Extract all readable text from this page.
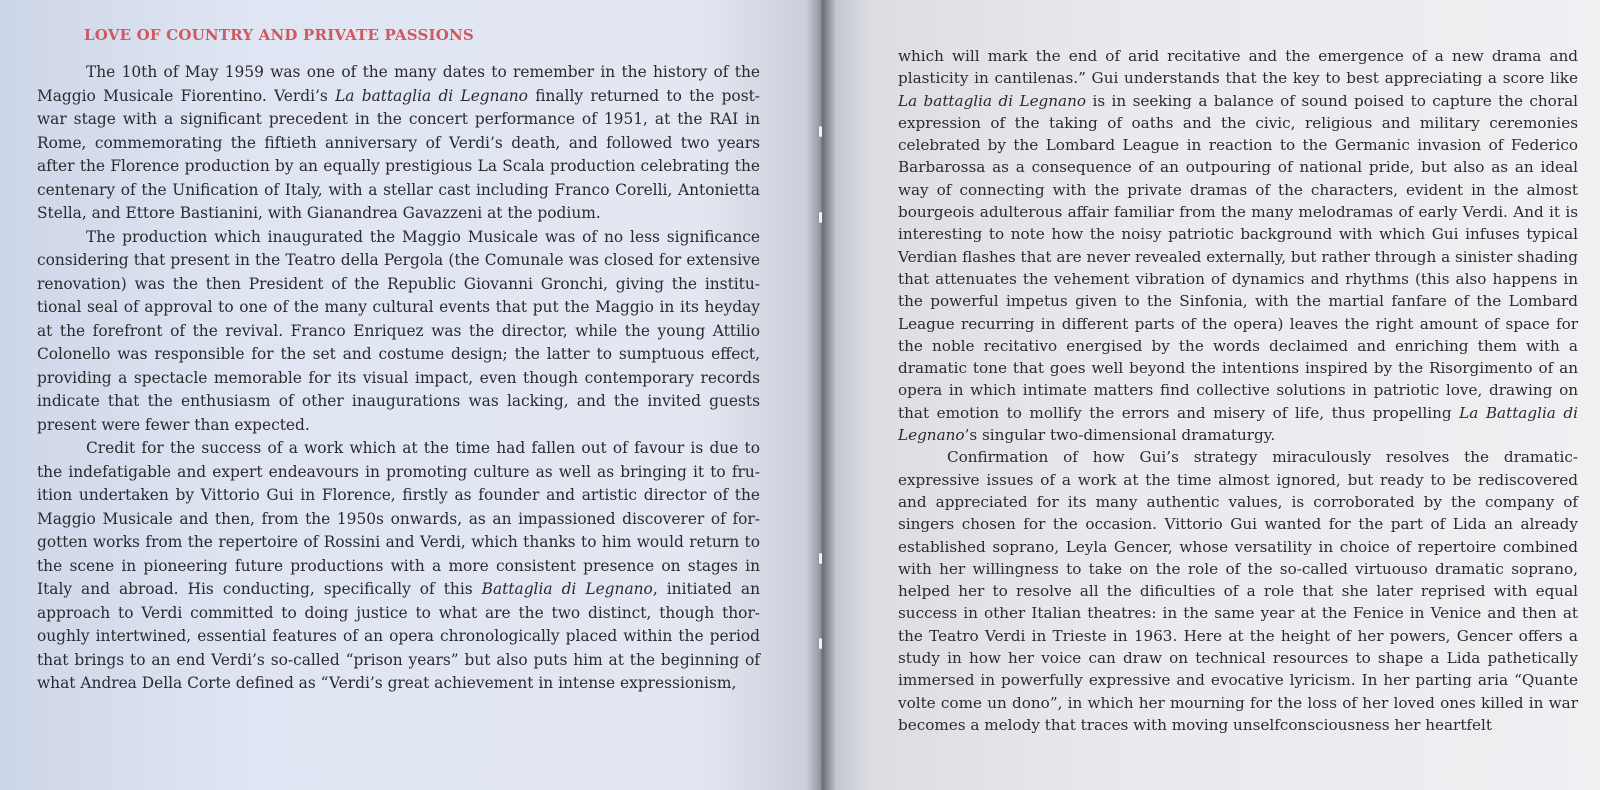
LOVE OF COUNTRY AND PRIVATE PASSIONS

The 10th of May 1959 was one of the many dates to remember in the history of the Maggio Musicale Fiorentino. Verdi’s La battaglia di Legnano finally returned to the post-war stage with a significant precedent in the concert performance of 1951, at the RAI in Rome, commemorating the fiftieth anniversary of Verdi’s death, and followed two years after the Florence production by an equally prestigious La Scala production celebrating the centenary of the Unification of Italy, with a stellar cast including Franco Corelli, Antonietta Stella, and Ettore Bastianini, with Gianandrea Gavazzeni at the podium.

The production which inaugurated the Maggio Musicale was of no less significance considering that present in the Teatro della Pergola (the Comunale was closed for extensive renovation) was the then President of the Republic Giovanni Gronchi, giving the institutional seal of approval to one of the many cultural events that put the Maggio in its heyday at the forefront of the revival. Franco Enriquez was the director, while the young Attilio Colonello was responsible for the set and costume design; the latter to sumptuous effect, providing a spectacle memorable for its visual impact, even though contemporary records indicate that the enthusiasm of other inaugurations was lacking, and the invited guests present were fewer than expected.

Credit for the success of a work which at the time had fallen out of favour is due to the indefatigable and expert endeavours in promoting culture as well as bringing it to fruition undertaken by Vittorio Gui in Florence, firstly as founder and artistic director of the Maggio Musicale and then, from the 1950s onwards, as an impassioned discoverer of forgotten works from the repertoire of Rossini and Verdi, which thanks to him would return to the scene in pioneering future productions with a more consistent presence on stages in Italy and abroad. His conducting, specifically of this Battaglia di Legnano, initiated an approach to Verdi committed to doing justice to what are the two distinct, though thoroughly intertwined, essential features of an opera chronologically placed within the period that brings to an end Verdi’s so-called “prison years” but also puts him at the beginning of what Andrea Della Corte defined as “Verdi’s great achievement in intense expressionism,

which will mark the end of arid recitative and the emergence of a new drama and plasticity in cantilenas.” Gui understands that the key to best appreciating a score like La battaglia di Legnano is in seeking a balance of sound poised to capture the choral expression of the taking of oaths and the civic, religious and military ceremonies celebrated by the Lombard League in reaction to the Germanic invasion of Federico Barbarossa as a consequence of an outpouring of national pride, but also as an ideal way of connecting with the private dramas of the characters, evident in the almost bourgeois adulterous affair familiar from the many melodramas of early Verdi. And it is interesting to note how the noisy patriotic background with which Gui infuses typical Verdian flashes that are never revealed externally, but rather through a sinister shading that attenuates the vehement vibration of dynamics and rhythms (this also happens in the powerful impetus given to the Sinfonia, with the martial fanfare of the Lombard League recurring in different parts of the opera) leaves the right amount of space for the noble recitativo energised by the words declaimed and enriching them with a dramatic tone that goes well beyond the intentions inspired by the Risorgimento of an opera in which intimate matters find collective solutions in patriotic love, drawing on that emotion to mollify the errors and misery of life, thus propelling La Battaglia di Legnano’s singular two-dimensional dramaturgy.

Confirmation of how Gui’s strategy miraculously resolves the dramatic-expressive issues of a work at the time almost ignored, but ready to be rediscovered and appreciated for its many authentic values, is corroborated by the company of singers chosen for the occasion. Vittorio Gui wanted for the part of Lida an already established soprano, Leyla Gencer, whose versatility in choice of repertoire combined with her willingness to take on the role of the so-called virtuouso dramatic soprano, helped her to resolve all the dificulties of a role that she later reprised with equal success in other Italian theatres: in the same year at the Fenice in Venice and then at the Teatro Verdi in Trieste in 1963. Here at the height of her powers, Gencer offers a study in how her voice can draw on technical resources to shape a Lida pathetically immersed in powerfully expressive and evocative lyricism. In her parting aria “Quante volte come un dono”, in which her mourning for the loss of her loved ones killed in war becomes a melody that traces with moving unselfconsciousness her heartfelt
